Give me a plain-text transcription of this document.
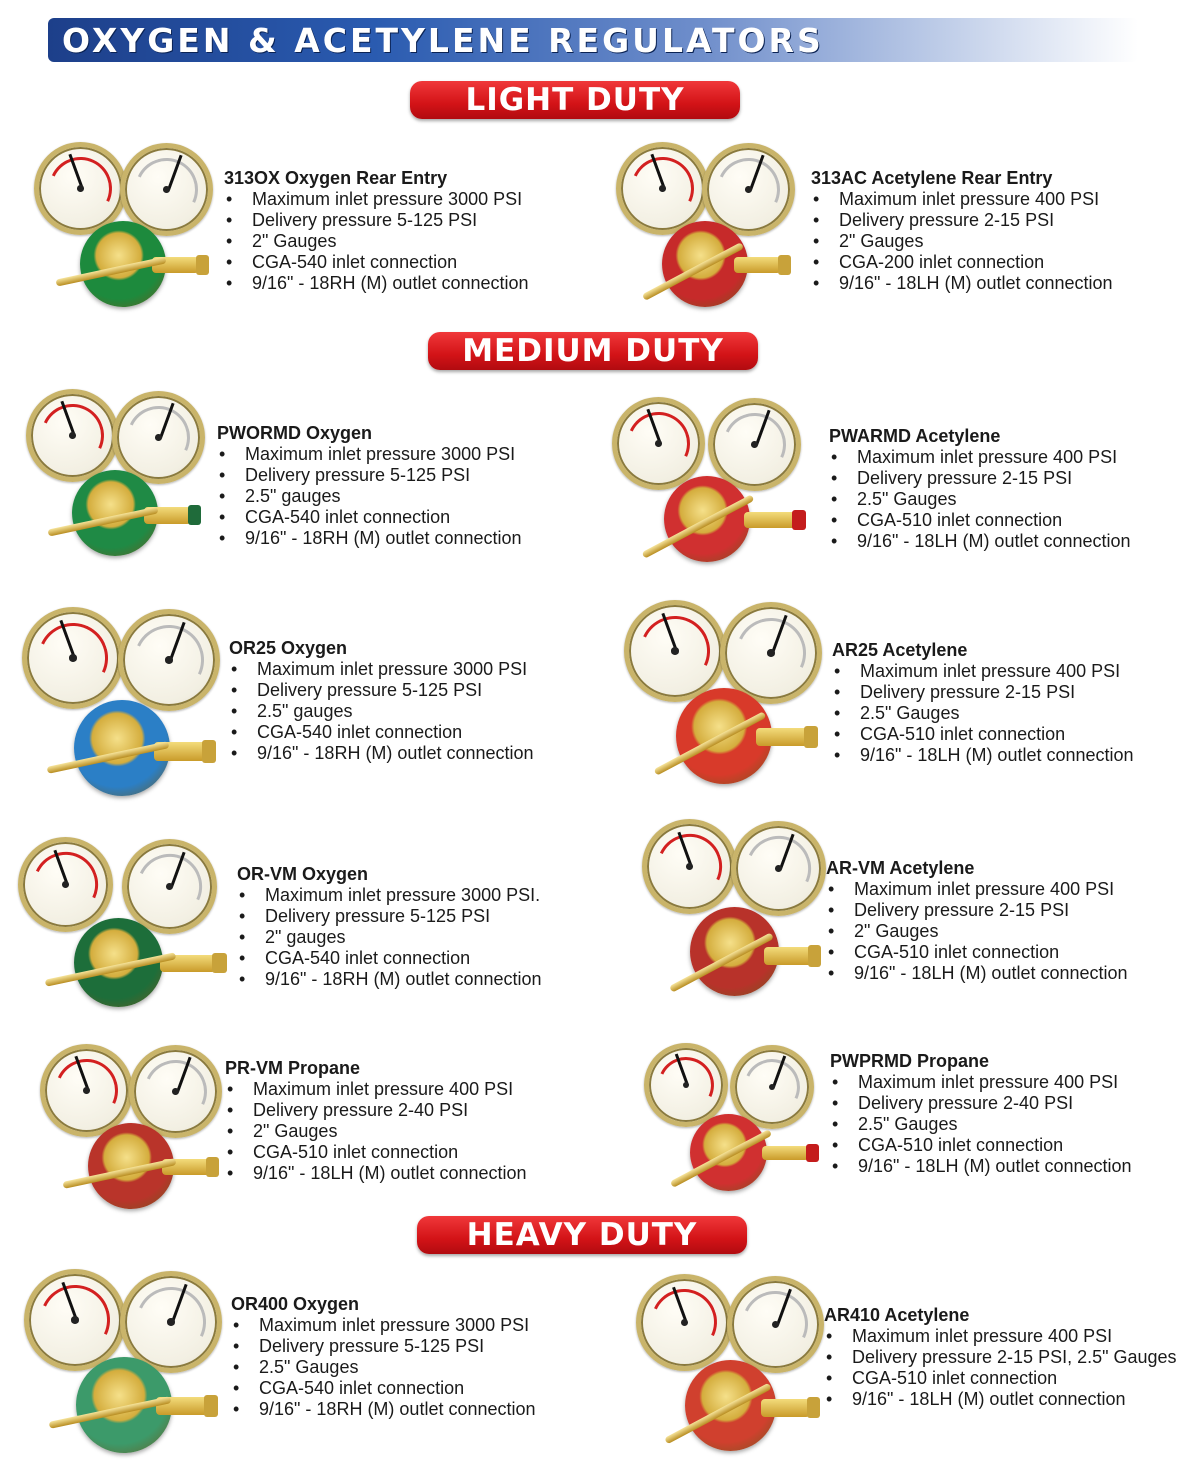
OXYGEN & ACETYLENE REGULATORS
LIGHT DUTY
MEDIUM DUTY
HEAVY DUTY
313OX Oxygen Rear Entry
• Maximum inlet pressure 3000 PSI
• Delivery pressure 5-125 PSI
• 2" Gauges
• CGA-540 inlet connection
• 9/16" - 18RH (M) outlet connection
313AC Acetylene Rear Entry
• Maximum inlet pressure 400 PSI
• Delivery pressure 2-15 PSI
• 2" Gauges
• CGA-200 inlet connection
• 9/16" - 18LH (M) outlet connection
PWORMD Oxygen
• Maximum inlet pressure 3000 PSI
• Delivery pressure 5-125 PSI
• 2.5" gauges
• CGA-540 inlet connection
• 9/16" - 18RH (M) outlet connection
PWARMD Acetylene
• Maximum inlet pressure 400 PSI
• Delivery pressure 2-15 PSI
• 2.5" Gauges
• CGA-510 inlet connection
• 9/16" - 18LH (M) outlet connection
OR25 Oxygen
• Maximum inlet pressure 3000 PSI
• Delivery pressure 5-125 PSI
• 2.5" gauges
• CGA-540 inlet connection
• 9/16" - 18RH (M) outlet connection
AR25 Acetylene
• Maximum inlet pressure 400 PSI
• Delivery pressure 2-15 PSI
• 2.5" Gauges
• CGA-510 inlet connection
• 9/16" - 18LH (M) outlet connection
OR-VM Oxygen
• Maximum inlet pressure 3000 PSI.
• Delivery pressure 5-125 PSI
• 2" gauges
• CGA-540 inlet connection
• 9/16" - 18RH (M) outlet connection
AR-VM Acetylene
• Maximum inlet pressure 400 PSI
• Delivery pressure 2-15 PSI
• 2" Gauges
• CGA-510 inlet connection
• 9/16" - 18LH (M) outlet connection
PR-VM Propane
• Maximum inlet pressure 400 PSI
• Delivery pressure 2-40 PSI
• 2" Gauges
• CGA-510 inlet connection
• 9/16" - 18LH (M) outlet connection
PWPRMD Propane
• Maximum inlet pressure 400 PSI
• Delivery pressure 2-40 PSI
• 2.5" Gauges
• CGA-510 inlet connection
• 9/16" - 18LH (M) outlet connection
OR400 Oxygen
• Maximum inlet pressure 3000 PSI
• Delivery pressure 5-125 PSI
• 2.5" Gauges
• CGA-540 inlet connection
• 9/16" - 18RH (M) outlet connection
AR410 Acetylene
• Maximum inlet pressure 400 PSI
• Delivery pressure 2-15 PSI, 2.5" Gauges
• CGA-510 inlet connection
• 9/16" - 18LH (M) outlet connection
